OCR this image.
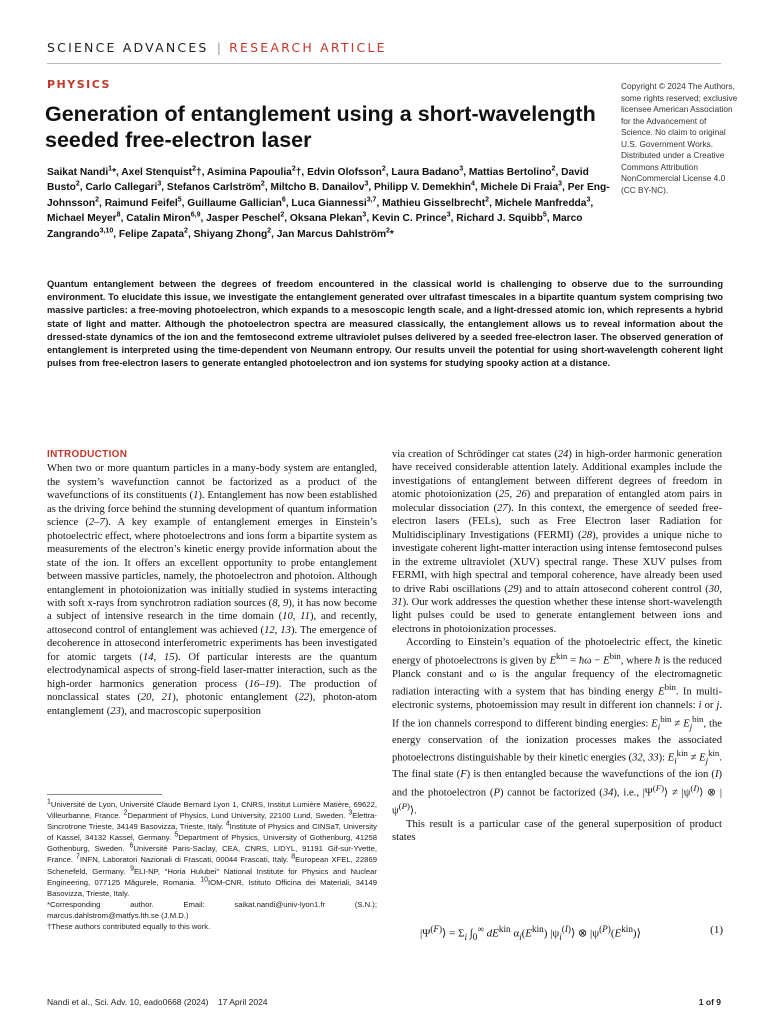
SCIENCE ADVANCES | RESEARCH ARTICLE
PHYSICS
Generation of entanglement using a short-wavelength seeded free-electron laser
Copyright © 2024 The Authors, some rights reserved; exclusive licensee American Association for the Advancement of Science. No claim to original U.S. Government Works. Distributed under a Creative Commons Attribution NonCommercial License 4.0 (CC BY-NC).

Saikat Nandi$^1$*, Axel Stenquist$^2$†, Asimina Papoulia$^2$†, Edvin Olofsson$^2$, Laura Badano$^3$, Mattias Bertolino$^2$, David Busto$^2$, Carlo Callegari$^3$, Stefanos Carlström$^2$, Miltcho B. Danailov$^3$, Philipp V. Demekhin$^4$, Michele Di Fraia$^3$, Per Eng-Johnsson$^2$, Raimund Feifel$^5$, Guillaume Gallician$^6$, Luca Giannessi$^{3,7}$, Mathieu Gisselbrecht$^2$, Michele Manfredda$^3$, Michael Meyer$^8$, Catalin Miron$^{6,9}$, Jasper Peschel$^2$, Oksana Plekan$^3$, Kevin C. Prince$^3$, Richard J. Squibb$^5$, Marco Zangrando$^{3,10}$, Felipe Zapata$^2$, Shiyang Zhong$^2$, Jan Marcus Dahlström$^2$*

Quantum entanglement between the degrees of freedom encountered in the classical world is challenging to observe due to the surrounding environment. To elucidate this issue, we investigate the entanglement generated over ultrafast timescales in a bipartite quantum system comprising two massive particles: a free-moving photoelectron, which expands to a mesoscopic length scale, and a light-dressed atomic ion, which represents a hybrid state of light and matter. Although the photoelectron spectra are measured classically, the entanglement allows us to reveal information about the dressed-state dynamics of the ion and the femtosecond extreme ultraviolet pulses delivered by a seeded free-electron laser. The observed generation of entanglement is interpreted using the time-dependent von Neumann entropy. Our results unveil the potential for using short-wavelength coherent light pulses from free-electron lasers to generate entangled photoelectron and ion systems for studying spooky action at a distance.

INTRODUCTION

When two or more quantum particles in a many-body system are entangled, the system’s wavefunction cannot be factorized as a product of the wavefunctions of its constituents (1). Entanglement has now been established as the driving force behind the stunning development of quantum information science (2–7). A key example of entanglement emerges in Einstein’s photoelectric effect, where photoelectrons and ions form a bipartite system as measurements of the electron’s kinetic energy provide information about the state of the ion. It offers an excellent opportunity to probe entanglement between massive particles, namely, the photoelectron and photoion. Although entanglement in photoionization was initially studied in systems interacting with soft x-rays from synchrotron radiation sources (8, 9), it has now become a subject of intensive research in the time domain (10, 11), and recently, attosecond control of entanglement was achieved (12, 13). The emergence of decoherence in attosecond interferometric experiments has been investigated for atomic targets (14, 15). Of particular interests are the quantum electrodynamical aspects of strong-field laser-matter interaction, such as the high-order harmonics generation process (16–19). The production of nonclassical states (20, 21), photonic entanglement (22), photon-atom entanglement (23), and macroscopic superposition

$^1$Université de Lyon, Université Claude Bernard Lyon 1, CNRS, Institut Lumière Matière, 69622, Villeurbanne, France. $^2$Department of Physics, Lund University, 22100 Lund, Sweden. $^3$Elettra-Sincrotrone Trieste, 34149 Basovizza, Trieste, Italy. $^4$Institute of Physics and CINSaT, University of Kassel, 34132 Kassel, Germany. $^5$Department of Physics, University of Gothenburg, 41258 Gothenburg, Sweden. $^6$Université Paris-Saclay, CEA, CNRS, LIDYL, 91191 Gif-sur-Yvette, France. $^7$INFN, Laboratori Nazionali di Frascati, 00044 Frascati, Italy. $^8$European XFEL, 22869 Schenefeld, Germany. $^9$ELI-NP, "Horia Hulubei" National Institute for Physics and Nuclear Engineering, 077125 Măgurele, Romania. $^{10}$IOM-CNR, Istituto Officina dei Materiali, 34149 Basovizza, Trieste, Italy.
*Corresponding author. Email: saikat.nandi@univ-lyon1.fr (S.N.); marcus.dahlstrom@matfys.lth.se (J.M.D.)
†These authors contributed equally to this work.

via creation of Schrödinger cat states (24) in high-order harmonic generation have received considerable attention lately. Additional examples include the investigations of entanglement between different degrees of freedom in atomic photoionization (25, 26) and preparation of entangled atom pairs in molecular dissociation (27). In this context, the emergence of seeded free-electron lasers (FELs), such as Free Electron laser Radiation for Multidisciplinary Investigations (FERMI) (28), provides a unique niche to investigate coherent light-matter interaction using intense femtosecond pulses in the extreme ultraviolet (XUV) spectral range. These XUV pulses from FERMI, with high spectral and temporal coherence, have already been used to drive Rabi oscillations (29) and to attain attosecond coherent control (30, 31). Our work addresses the question whether these intense short-wavelength light pulses could be used to generate entanglement between ions and electrons in photoionization processes.

According to Einstein’s equation of the photoelectric effect, the kinetic energy of photoelectrons is given by $E^{kin}$ = ħω − $E^{bin}$, where ħ is the reduced Planck constant and ω is the angular frequency of the electromagnetic radiation interacting with a system that has binding energy $E^{bin}$. In multi-electronic systems, photoemission may result in different ion channels: i or j. If the ion channels correspond to different binding energies: $E_i^{bin} \ne E_j^{bin}$, the energy conservation of the ionization processes makes the associated photoelectrons distinguishable by their kinetic energies (32, 33): $E_i^{kin} \ne E_j^{kin}$. The final state (F) is then entangled because the wavefunctions of the ion (I) and the photoelectron (P) cannot be factorized (34), i.e., $|\Psi^{(F)}⟩$ ≠ $|\psi^{(I)}⟩$ ⊗ $|\psi^{(P)}⟩$.

This result is a particular case of the general superposition of product states

$|\Psi^{(F)}⟩ = \Sigma_i$ $\int_0^\infty$ $dE^{kin}$ $\alpha_i(E^{kin})$ $|\psi_i^{(I)}⟩$ ⊗ $|\psi^{(P)}(E^{kin})⟩$	(1)
Nandi et al., Sci. Adv. 10, eado0668 (2024) 17 April 2024	1 of 9
